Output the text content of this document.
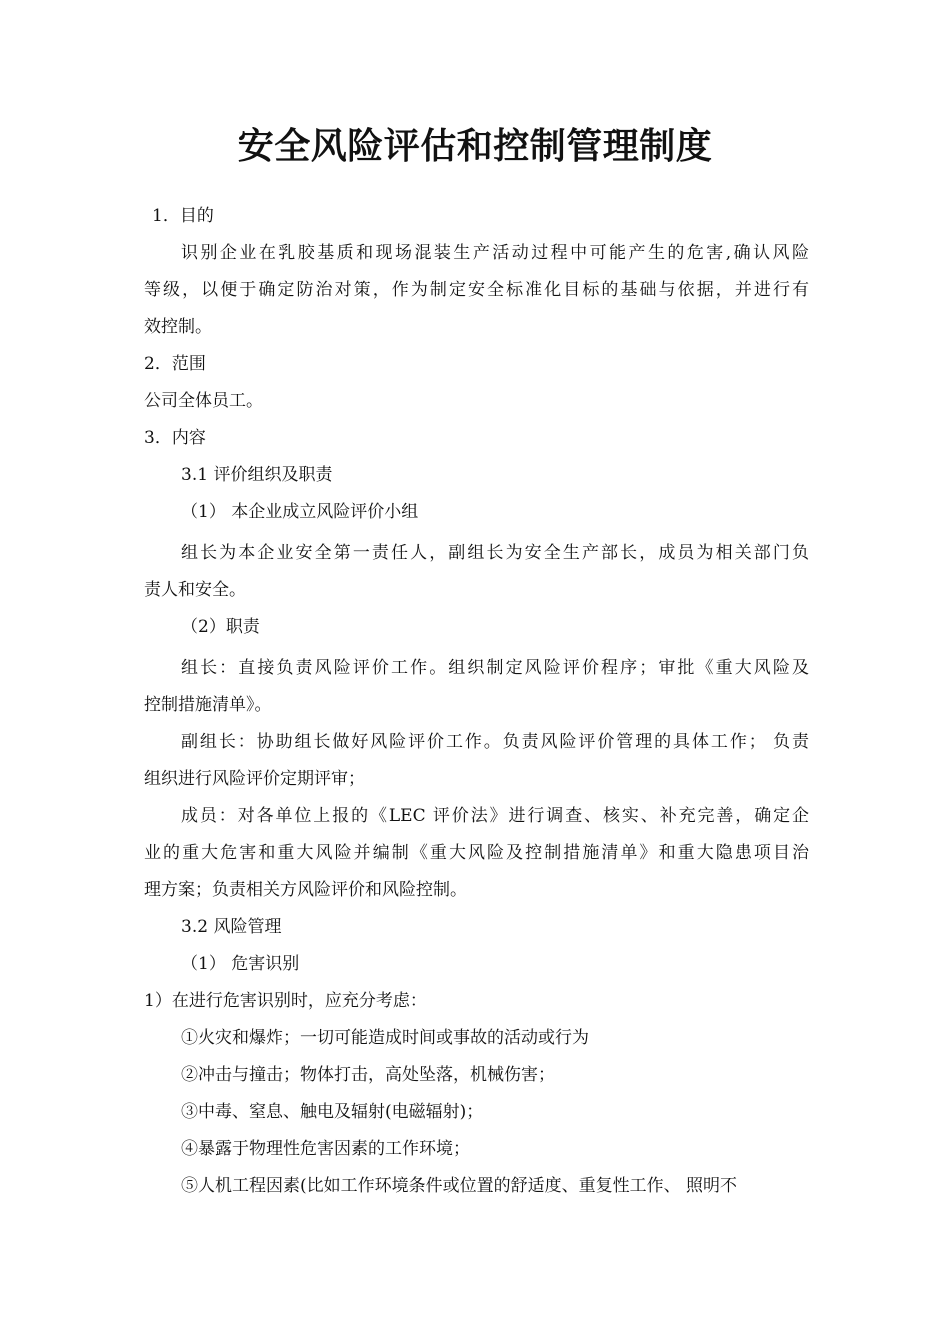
安全风险评估和控制管理制度
1．目的
识别企业在乳胶基质和现场混装生产活动过程中可能产生的危害,确认风险
等级，以便于确定防治对策，作为制定安全标准化目标的基础与依据，并进行有
效控制。
2．范围
公司全体员工。
3．内容
3.1 评价组织及职责
（1） 本企业成立风险评价小组
组长为本企业安全第一责任人，副组长为安全生产部长，成员为相关部门负
责人和安全。
（2）职责
组长：直接负责风险评价工作。组织制定风险评价程序；审批《重大风险及
控制措施清单》。
副组长：协助组长做好风险评价工作。负责风险评价管理的具体工作； 负责
组织进行风险评价定期评审；
成员：对各单位上报的《LEC 评价法》进行调查、核实、补充完善，确定企
业的重大危害和重大风险并编制《重大风险及控制措施清单》和重大隐患项目治
理方案；负责相关方风险评价和风险控制。
3.2 风险管理
（1） 危害识别
1）在进行危害识别时，应充分考虑：
①火灾和爆炸；一切可能造成时间或事故的活动或行为
②冲击与撞击；物体打击，高处坠落，机械伤害；
③中毒、窒息、触电及辐射(电磁辐射)；
④暴露于物理性危害因素的工作环境；
⑤人机工程因素(比如工作环境条件或位置的舒适度、重复性工作、 照明不
